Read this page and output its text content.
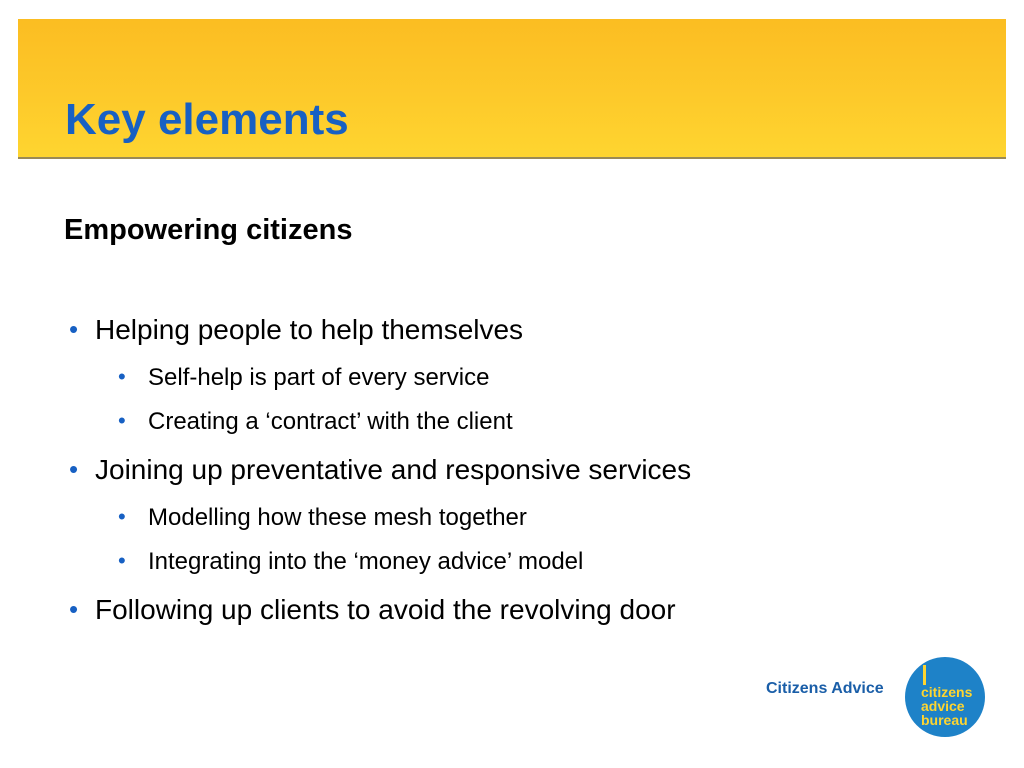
Key elements
Empowering citizens
• Helping people to help themselves
• Self-help is part of every service
• Creating a ‘contract’ with the client
• Joining up preventative and responsive services
• Modelling how these mesh together
• Integrating into the ‘money advice’ model
• Following up clients to avoid the revolving door
Citizens Advice	citizens
advice
bureau
